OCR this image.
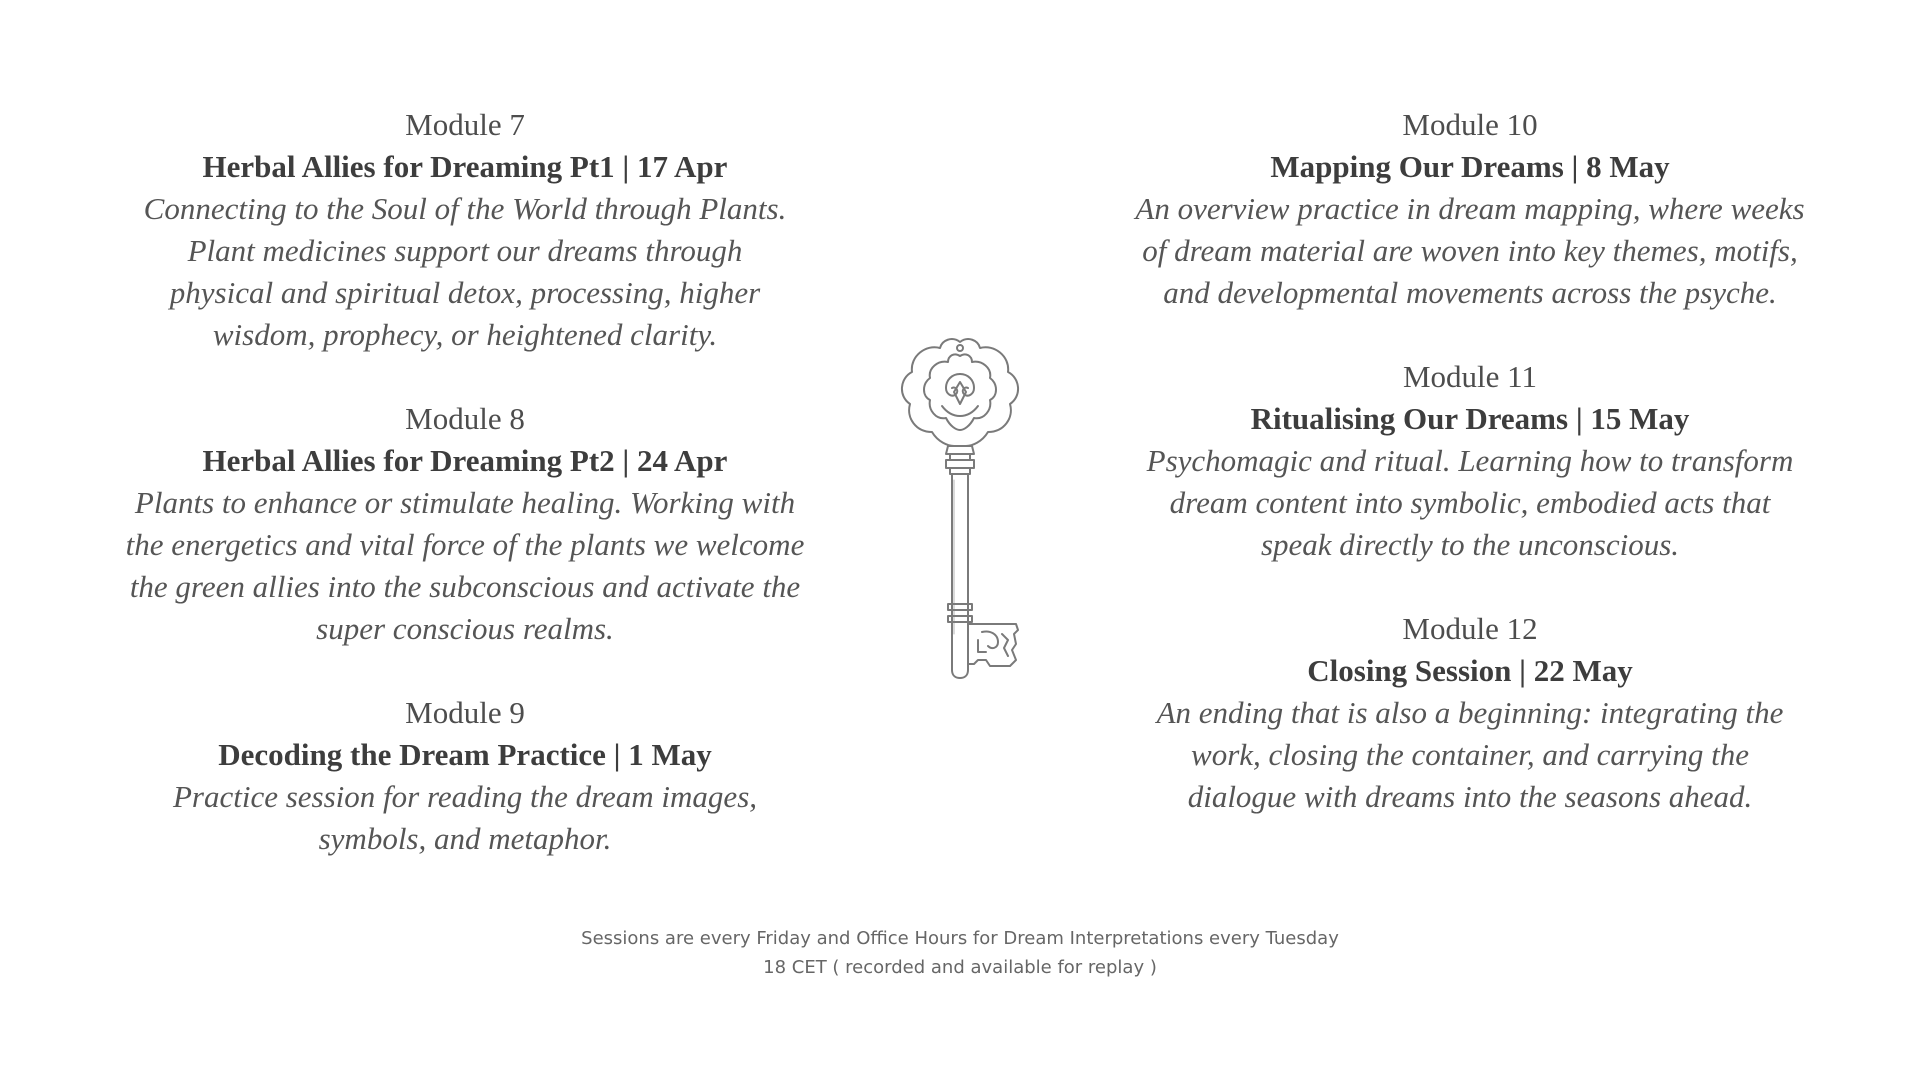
Module 7
Herbal Allies for Dreaming Pt1 | 17 Apr
Connecting to the Soul of the World through Plants.
Plant medicines support our dreams through
physical and spiritual detox, processing, higher
wisdom, prophecy, or heightened clarity.
Module 8
Herbal Allies for Dreaming Pt2 | 24 Apr
Plants to enhance or stimulate healing. Working with
the energetics and vital force of the plants we welcome
the green allies into the subconscious and activate the
super conscious realms.
Module 9
Decoding the Dream Practice | 1 May
Practice session for reading the dream images,
symbols, and metaphor.
Module 10
Mapping Our Dreams | 8 May
An overview practice in dream mapping, where weeks
of dream material are woven into key themes, motifs,
and developmental movements across the psyche.
Module 11
Ritualising Our Dreams | 15 May
Psychomagic and ritual. Learning how to transform
dream content into symbolic, embodied acts that
speak directly to the unconscious.
Module 12
Closing Session | 22 May
An ending that is also a beginning: integrating the
work, closing the container, and carrying the
dialogue with dreams into the seasons ahead.
Sessions are every Friday and Office Hours for Dream Interpretations every Tuesday
18 CET ( recorded and available for replay )
